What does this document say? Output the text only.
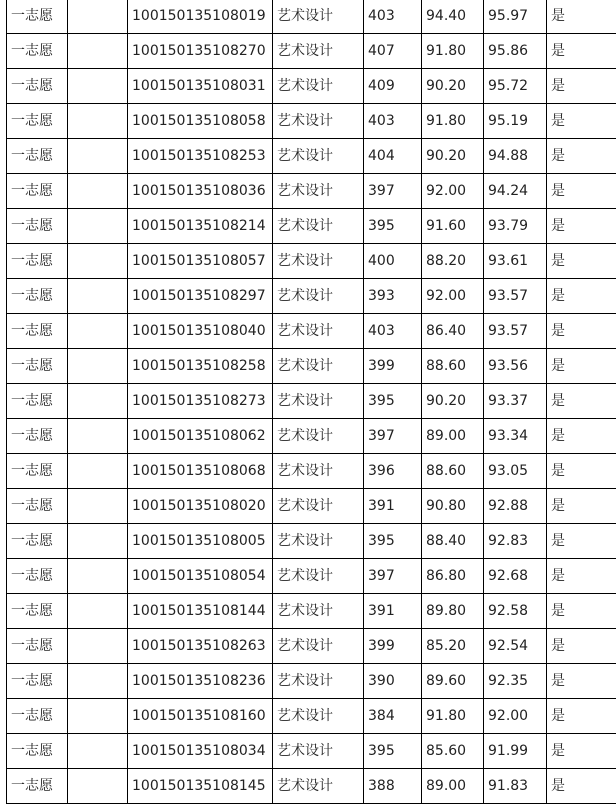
一志愿		100150135108019	艺术设计	403	94.40	95.97	是
一志愿		100150135108270	艺术设计	407	91.80	95.86	是
一志愿		100150135108031	艺术设计	409	90.20	95.72	是
一志愿		100150135108058	艺术设计	403	91.80	95.19	是
一志愿		100150135108253	艺术设计	404	90.20	94.88	是
一志愿		100150135108036	艺术设计	397	92.00	94.24	是
一志愿		100150135108214	艺术设计	395	91.60	93.79	是
一志愿		100150135108057	艺术设计	400	88.20	93.61	是
一志愿		100150135108297	艺术设计	393	92.00	93.57	是
一志愿		100150135108040	艺术设计	403	86.40	93.57	是
一志愿		100150135108258	艺术设计	399	88.60	93.56	是
一志愿		100150135108273	艺术设计	395	90.20	93.37	是
一志愿		100150135108062	艺术设计	397	89.00	93.34	是
一志愿		100150135108068	艺术设计	396	88.60	93.05	是
一志愿		100150135108020	艺术设计	391	90.80	92.88	是
一志愿		100150135108005	艺术设计	395	88.40	92.83	是
一志愿		100150135108054	艺术设计	397	86.80	92.68	是
一志愿		100150135108144	艺术设计	391	89.80	92.58	是
一志愿		100150135108263	艺术设计	399	85.20	92.54	是
一志愿		100150135108236	艺术设计	390	89.60	92.35	是
一志愿		100150135108160	艺术设计	384	91.80	92.00	是
一志愿		100150135108034	艺术设计	395	85.60	91.99	是
一志愿		100150135108145	艺术设计	388	89.00	91.83	是
